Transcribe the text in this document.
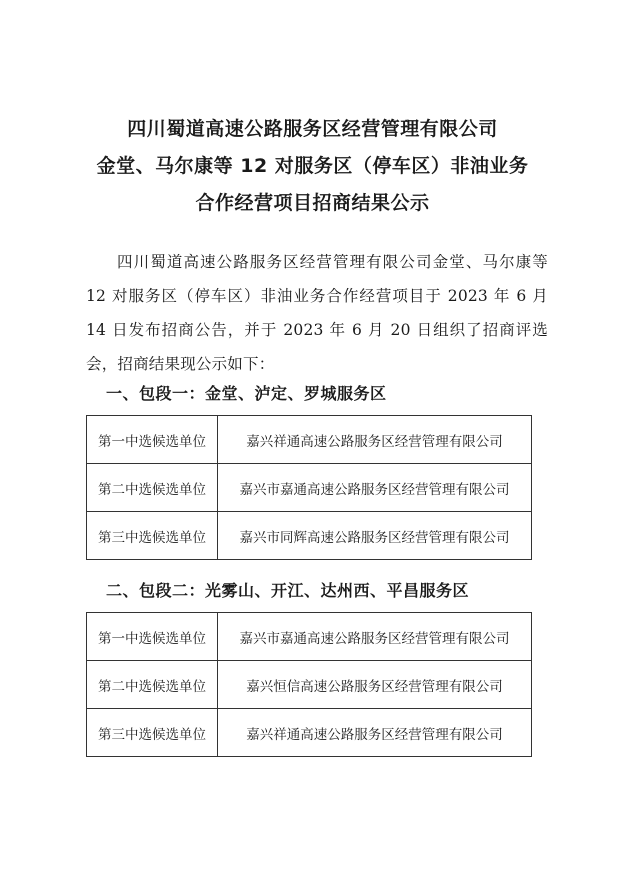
四川蜀道高速公路服务区经营管理有限公司
金堂、马尔康等 12 对服务区（停车区）非油业务
合作经营项目招商结果公示
四川蜀道高速公路服务区经营管理有限公司金堂、马尔康等 12 对服务区（停车区）非油业务合作经营项目于 2023 年 6 月 14 日发布招商公告，并于 2023 年 6 月 20 日组织了招商评选会，招商结果现公示如下：
一、包段一：金堂、泸定、罗城服务区
第一中选候选单位	嘉兴祥通高速公路服务区经营管理有限公司
第二中选候选单位	嘉兴市嘉通高速公路服务区经营管理有限公司
第三中选候选单位	嘉兴市同辉高速公路服务区经营管理有限公司
二、包段二：光雾山、开江、达州西、平昌服务区
第一中选候选单位	嘉兴市嘉通高速公路服务区经营管理有限公司
第二中选候选单位	嘉兴恒信高速公路服务区经营管理有限公司
第三中选候选单位	嘉兴祥通高速公路服务区经营管理有限公司
